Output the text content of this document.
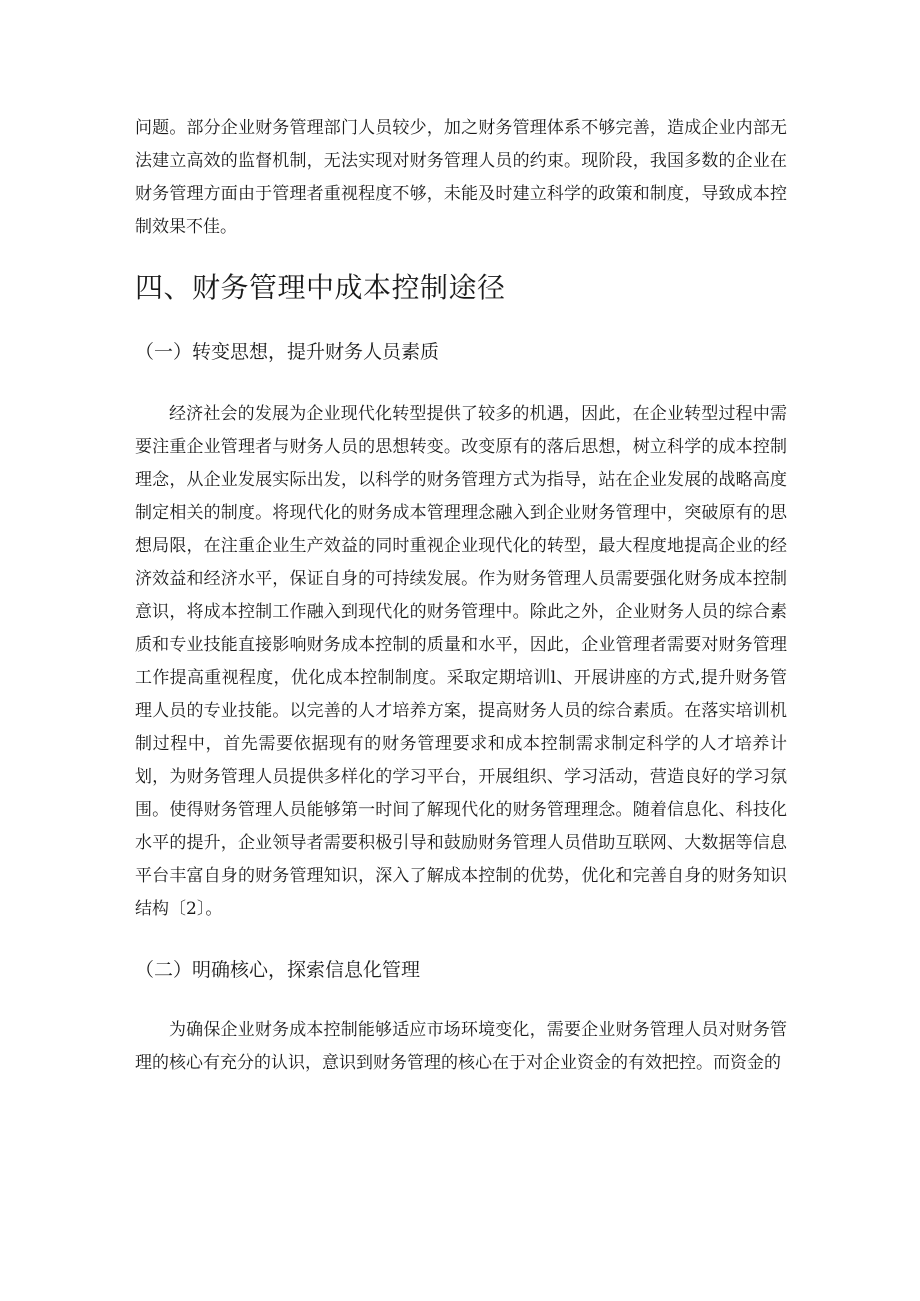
问题。部分企业财务管理部门人员较少，加之财务管理体系不够完善，造成企业内部无法建立高效的监督机制，无法实现对财务管理人员的约束。现阶段，我国多数的企业在财务管理方面由于管理者重视程度不够，未能及时建立科学的政策和制度，导致成本控制效果不佳。

四、财务管理中成本控制途径
（一）转变思想，提升财务人员素质

经济社会的发展为企业现代化转型提供了较多的机遇，因此，在企业转型过程中需要注重企业管理者与财务人员的思想转变。改变原有的落后思想，树立科学的成本控制理念，从企业发展实际出发，以科学的财务管理方式为指导，站在企业发展的战略高度制定相关的制度。将现代化的财务成本管理理念融入到企业财务管理中，突破原有的思想局限，在注重企业生产效益的同时重视企业现代化的转型，最大程度地提高企业的经济效益和经济水平，保证自身的可持续发展。作为财务管理人员需要强化财务成本控制意识，将成本控制工作融入到现代化的财务管理中。除此之外，企业财务人员的综合素质和专业技能直接影响财务成本控制的质量和水平，因此，企业管理者需要对财务管理工作提高重视程度，优化成本控制制度。采取定期培训l、开展讲座的方式,提升财务管理人员的专业技能。以完善的人才培养方案，提高财务人员的综合素质。在落实培训机制过程中，首先需要依据现有的财务管理要求和成本控制需求制定科学的人才培养计划，为财务管理人员提供多样化的学习平台，开展组织、学习活动，营造良好的学习氛围。使得财务管理人员能够第一时间了解现代化的财务管理理念。随着信息化、科技化水平的提升，企业领导者需要积极引导和鼓励财务管理人员借助互联网、大数据等信息平台丰富自身的财务管理知识，深入了解成本控制的优势，优化和完善自身的财务知识结构〔2〕。

（二）明确核心，探索信息化管理

为确保企业财务成本控制能够适应市场环境变化，需要企业财务管理人员对财务管理的核心有充分的认识，意识到财务管理的核心在于对企业资金的有效把控。而资金的
